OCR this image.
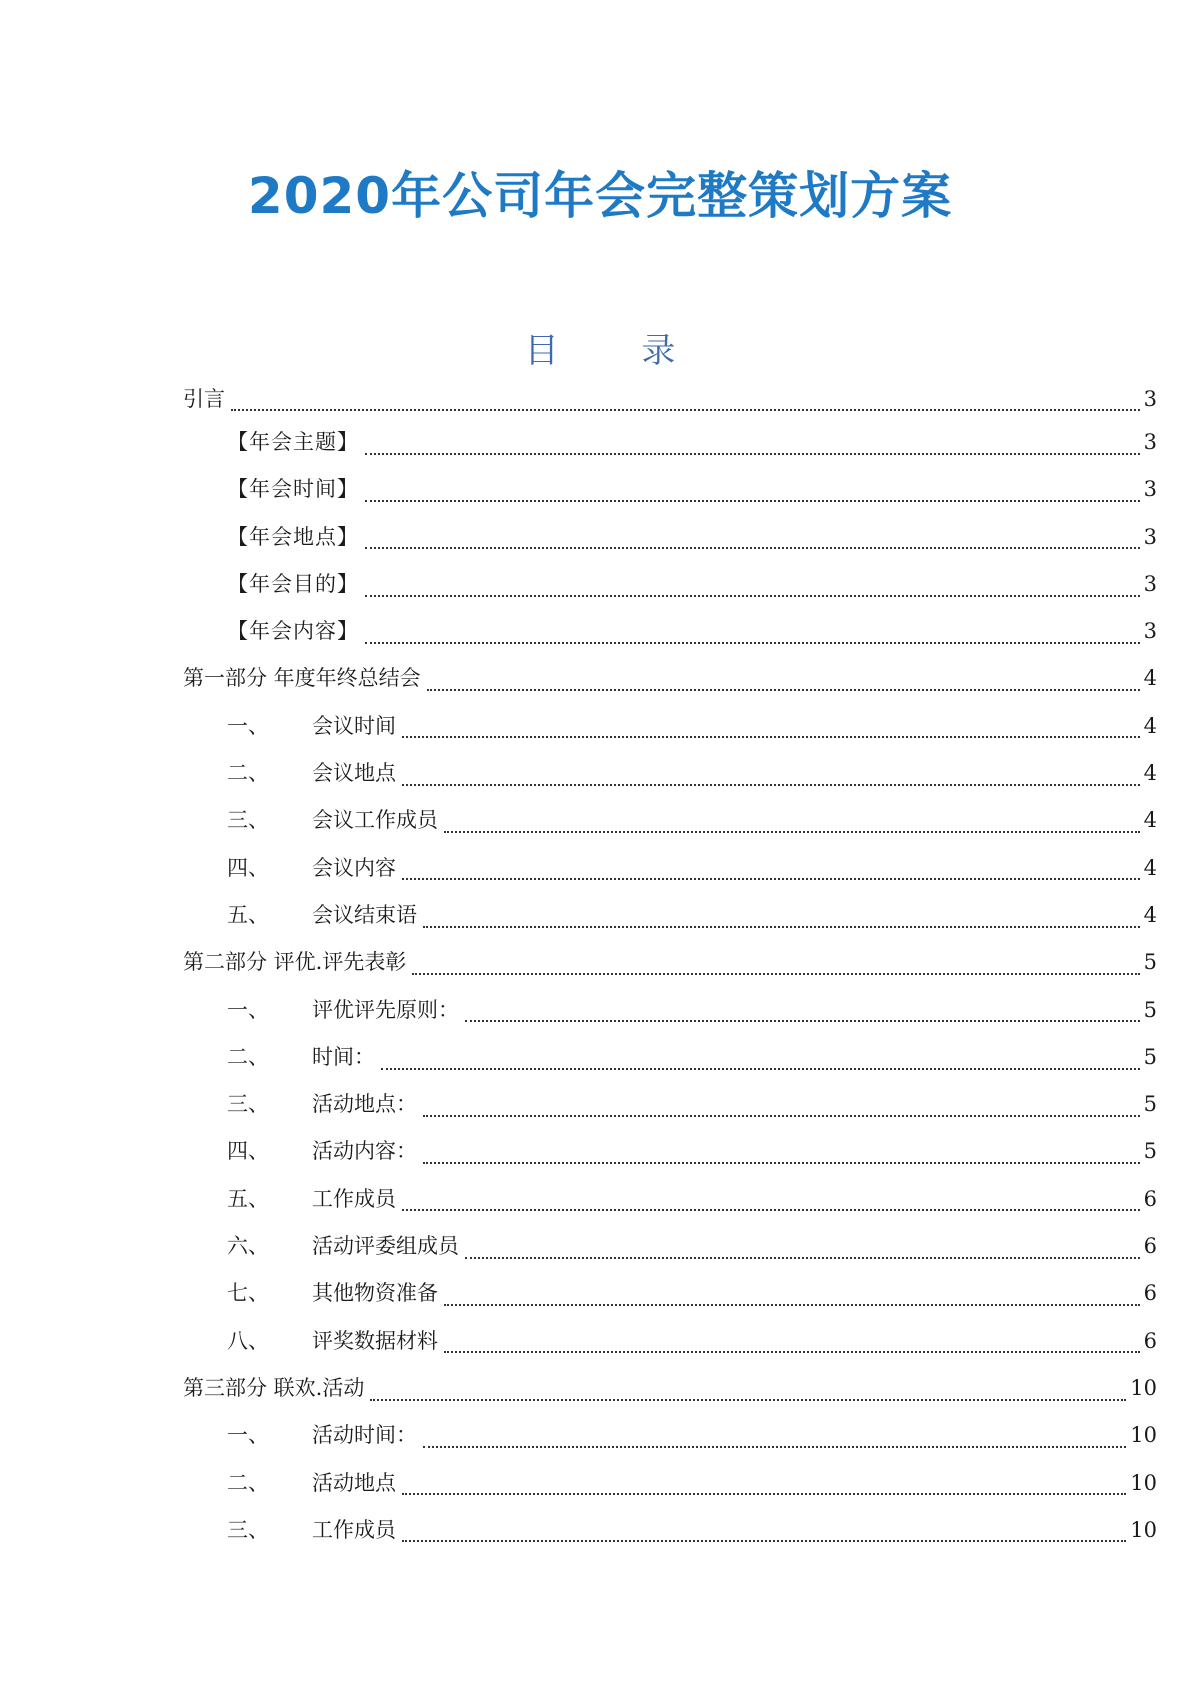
2020年公司年会完整策划方案
目 录
引言	3
【年会主题】	3
【年会时间】	3
【年会地点】	3
【年会目的】	3
【年会内容】	3
第一部分 年度年终总结会	4
一、	会议时间	4
二、	会议地点	4
三、	会议工作成员	4
四、	会议内容	4
五、	会议结束语	4
第二部分 评优.评先表彰	5
一、	评优评先原则：	5
二、	时间：	5
三、	活动地点：	5
四、	活动内容：	5
五、	工作成员	6
六、	活动评委组成员	6
七、	其他物资准备	6
八、	评奖数据材料	6
第三部分 联欢.活动	10
一、	活动时间：	10
二、	活动地点	10
三、	工作成员	10
